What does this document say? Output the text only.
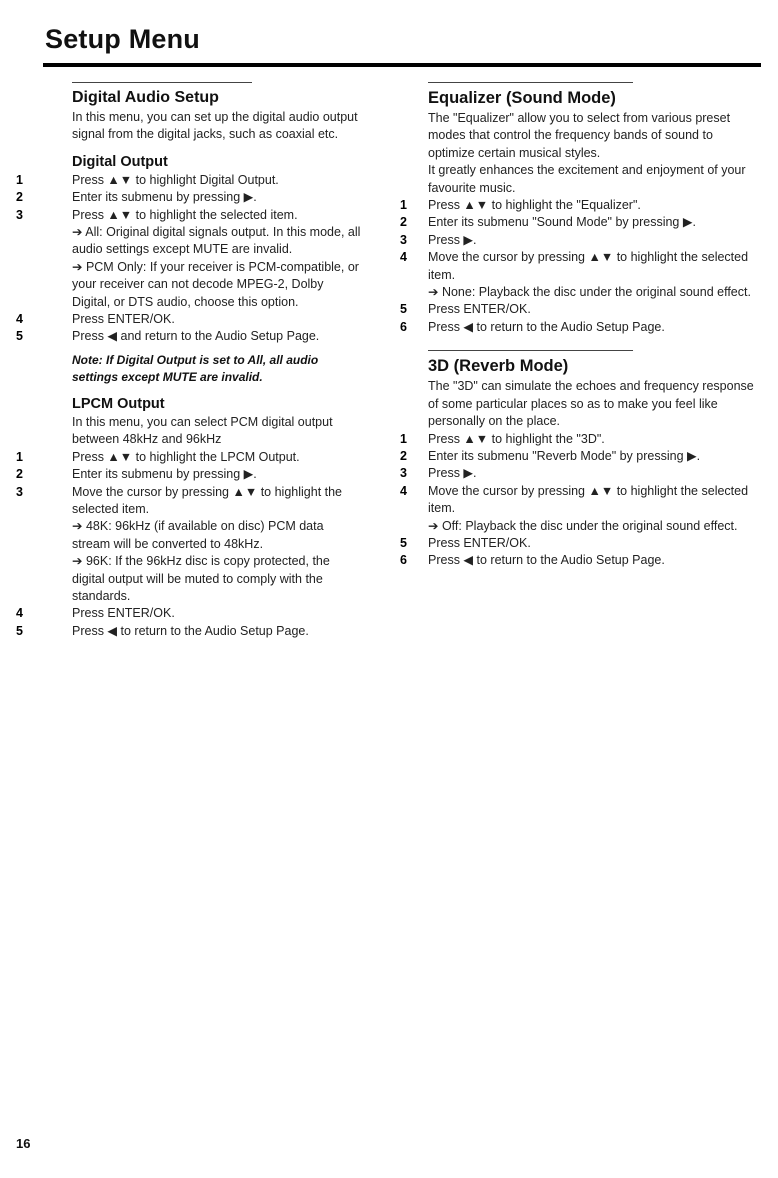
Setup Menu
Digital Audio Setup

In this menu, you can set up the digital audio output signal from the digital jacks, such as coaxial etc.

Digital Output
1	Press ▲▼ to highlight Digital Output.
2	Enter its submenu by pressing ▶.
3	Press ▲▼ to highlight the selected item.
➔ All: Original digital signals output. In this mode, all audio settings except MUTE are invalid.
➔ PCM Only: If your receiver is PCM-compatible, or your receiver can not decode MPEG-2, Dolby Digital, or DTS audio, choose this option.
4	Press ENTER/OK.
5	Press ◀ and return to the Audio Setup Page.

Note: If Digital Output is set to All, all audio settings except MUTE are invalid.

LPCM Output

In this menu, you can select PCM digital output between 48kHz and 96kHz

1	Press ▲▼ to highlight the LPCM Output.
2	Enter its submenu by pressing ▶.
3	Move the cursor by pressing ▲▼ to highlight the selected item.
➔ 48K: 96kHz (if available on disc) PCM data stream will be converted to 48kHz.
➔ 96K: If the 96kHz disc is copy protected, the digital output will be muted to comply with the standards.
4	Press ENTER/OK.
5	Press ◀ to return to the Audio Setup Page.
Equalizer (Sound Mode)

The "Equalizer" allow you to select from various preset modes that control the frequency bands of sound to optimize certain musical styles.

It greatly enhances the excitement and enjoyment of your favourite music.

1	Press ▲▼ to highlight the "Equalizer".
2	Enter its submenu "Sound Mode" by pressing ▶.
3	Press ▶.
4	Move the cursor by pressing ▲▼ to highlight the selected item.
➔ None: Playback the disc under the original sound effect.
5	Press ENTER/OK.
6	Press ◀ to return to the Audio Setup Page.
3D (Reverb Mode)

The "3D" can simulate the echoes and frequency response of some particular places so as to make you feel like personally on the place.

1	Press ▲▼ to highlight the "3D".
2	Enter its submenu "Reverb Mode" by pressing ▶.
3	Press ▶.
4	Move the cursor by pressing ▲▼ to highlight the selected item.
➔ Off: Playback the disc under the original sound effect.
5	Press ENTER/OK.
6	Press ◀ to return to the Audio Setup Page.

16
